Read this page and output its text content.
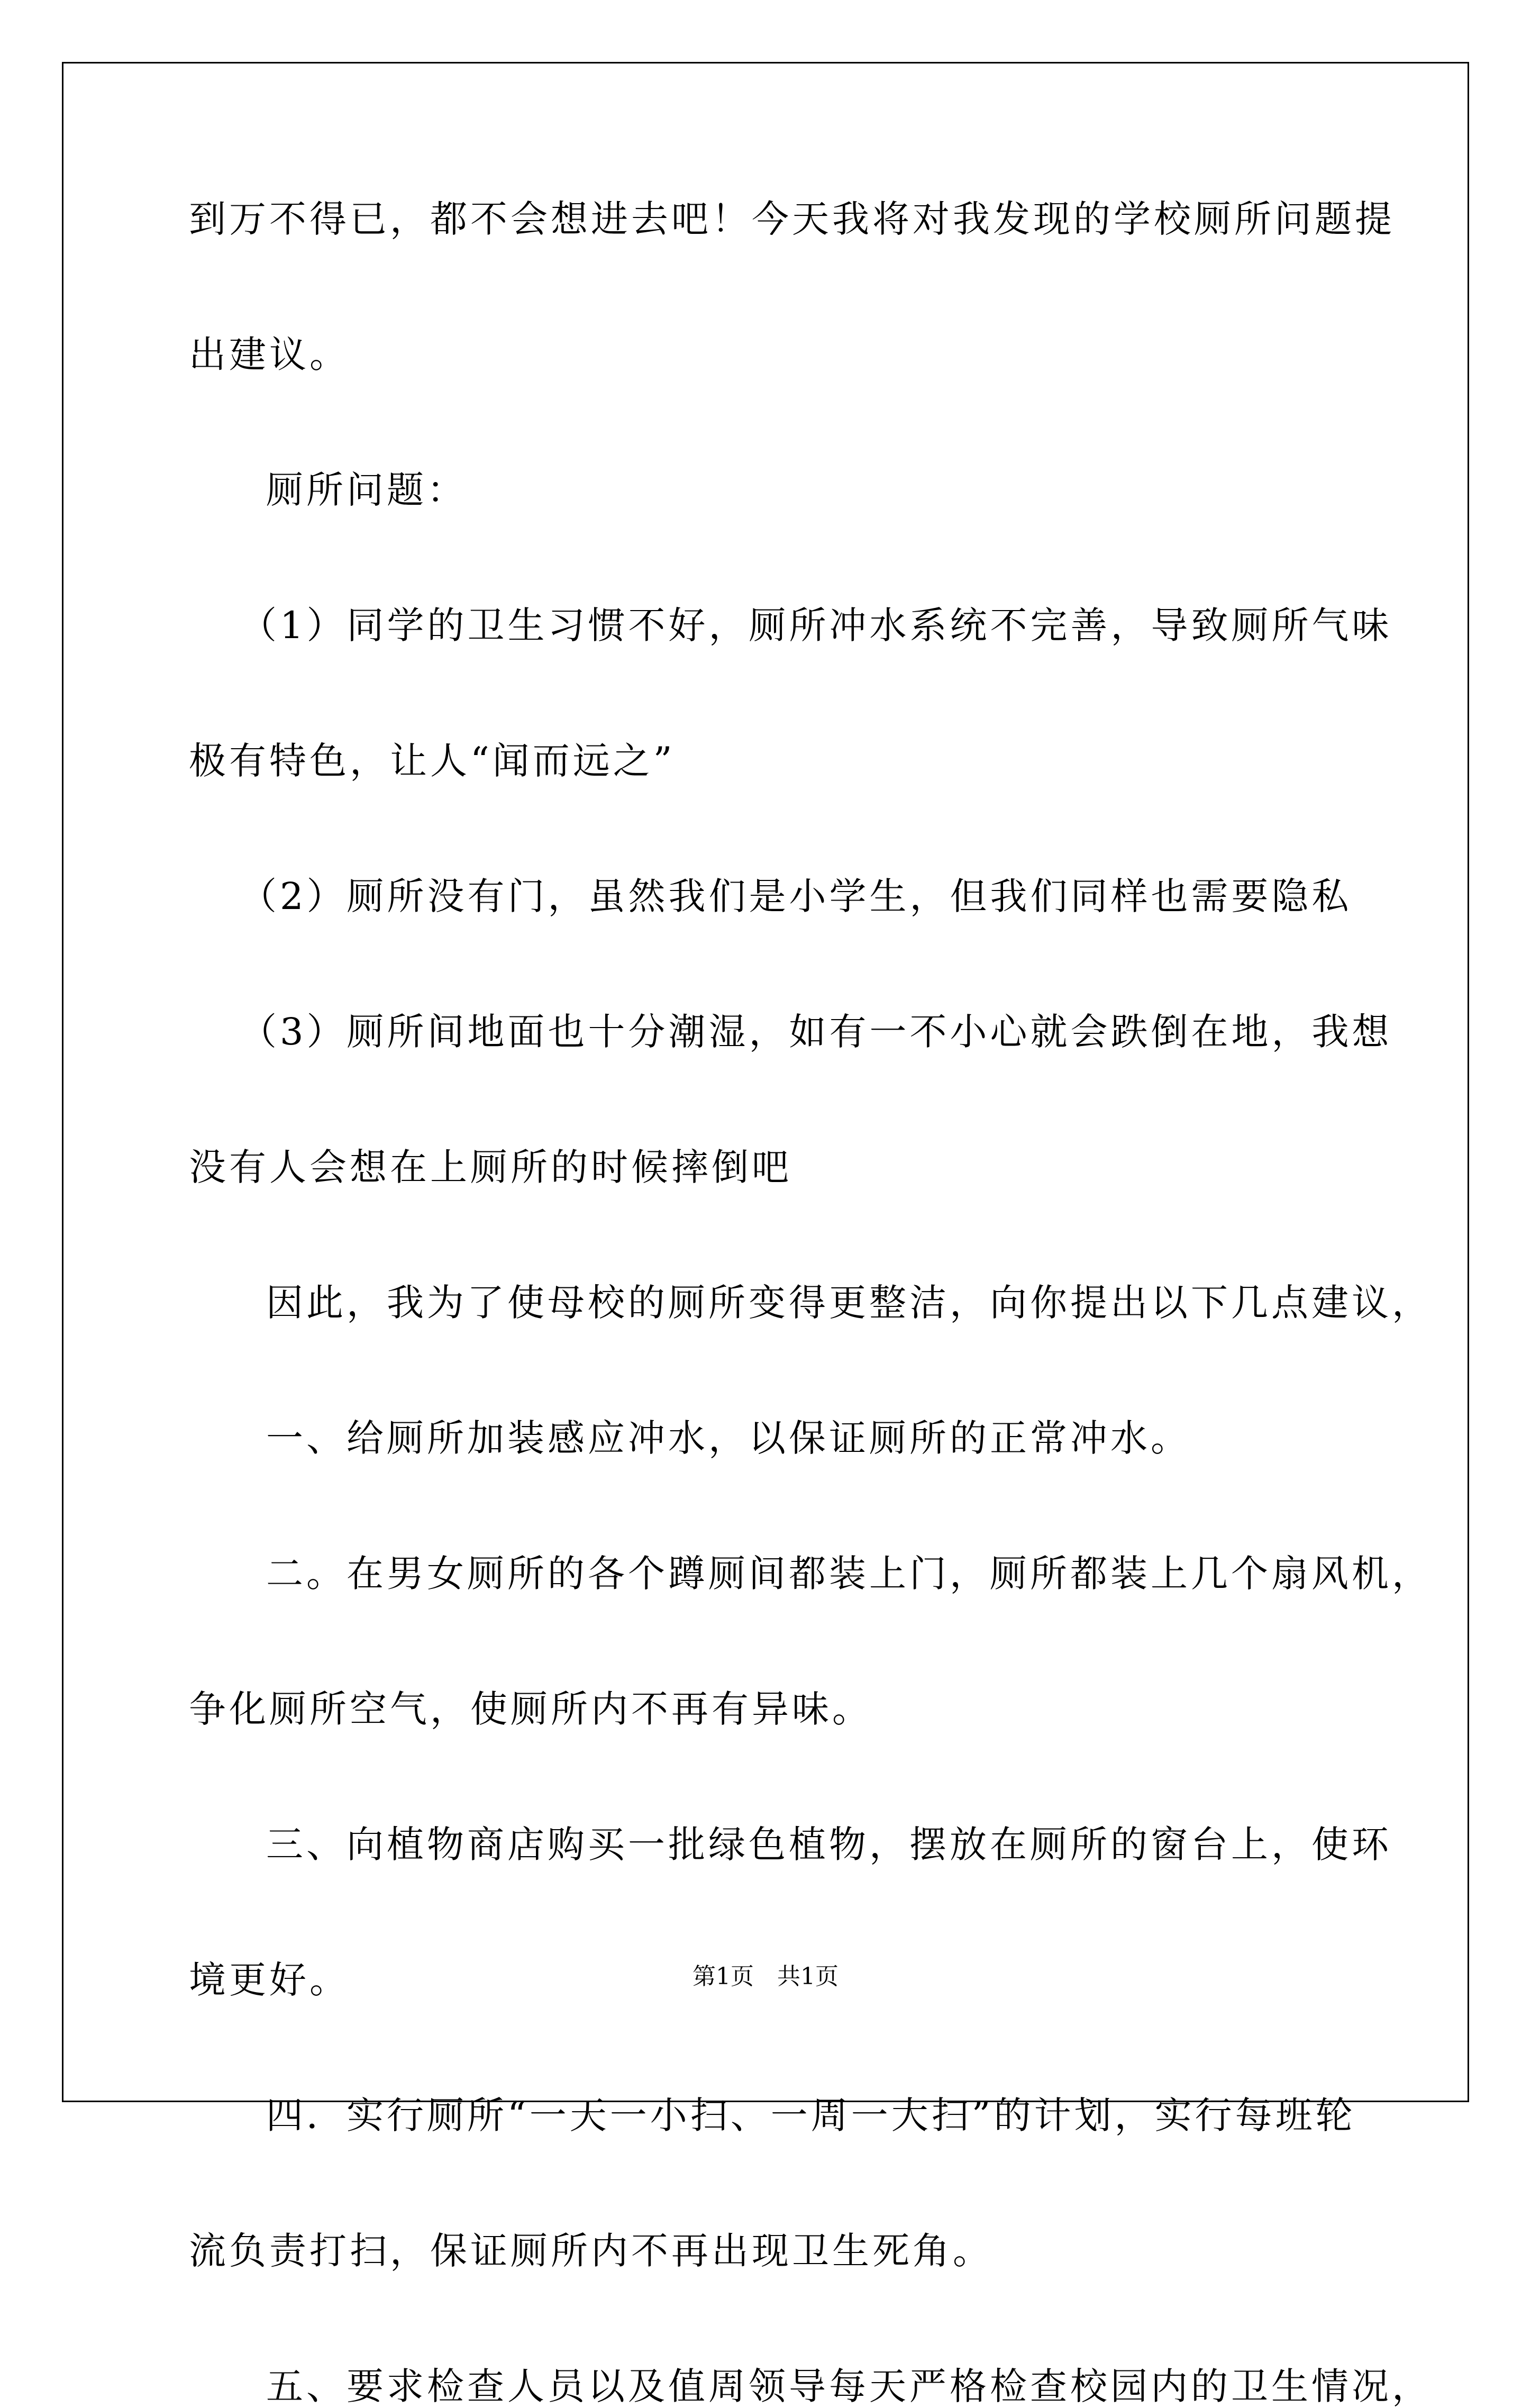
到万不得已，都不会想进去吧！今天我将对我发现的学校厕所问题提
出建议。
厕所问题：
（1）同学的卫生习惯不好，厕所冲水系统不完善，导致厕所气味
极有特色，让人“闻而远之”
（2）厕所没有门，虽然我们是小学生，但我们同样也需要隐私
（3）厕所间地面也十分潮湿，如有一不小心就会跌倒在地，我想
没有人会想在上厕所的时候摔倒吧
因此，我为了使母校的厕所变得更整洁，向你提出以下几点建议，
一、给厕所加装感应冲水，以保证厕所的正常冲水。
二。在男女厕所的各个蹲厕间都装上门，厕所都装上几个扇风机，
争化厕所空气，使厕所内不再有异味。
三、向植物商店购买一批绿色植物，摆放在厕所的窗台上，使环
境更好。
四．实行厕所“一天一小扫、一周一大扫”的计划，实行每班轮
流负责打扫，保证厕所内不再出现卫生死角。
五、要求检查人员以及值周领导每天严格检查校园内的卫生情况，
第1页　共1页
